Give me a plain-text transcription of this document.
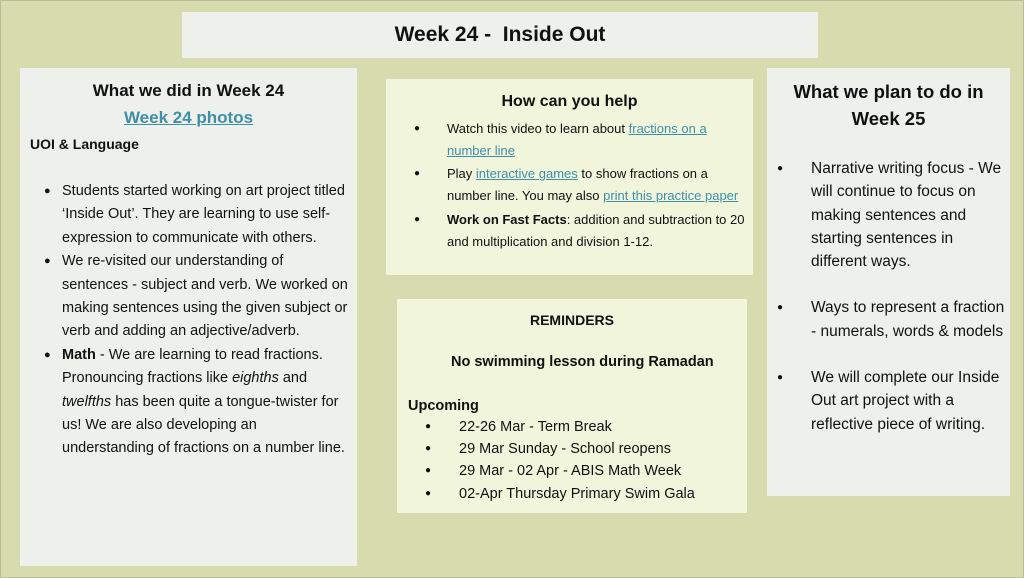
Week 24 -  Inside Out
What we did in Week 24
Week 24 photos
UOI & Language
● Students started working on art project titled ‘Inside Out’. They are learning to use self-expression to communicate with others.
● We re-visited our understanding of sentences - subject and verb. We worked on making sentences using the given subject or verb and adding an adjective/adverb.
● Math - We are learning to read fractions. Pronouncing fractions like eighths and twelfths has been quite a tongue-twister for us! We are also developing an understanding of fractions on a number line.
How can you help
● Watch this video to learn about fractions on a number line
● Play interactive games to show fractions on a number line. You may also print this practice paper
● Work on Fast Facts: addition and subtraction to 20 and multiplication and division 1-12.
REMINDERS
No swimming lesson during Ramadan
Upcoming
● 22-26 Mar - Term Break
● 29 Mar Sunday - School reopens
● 29 Mar - 02 Apr - ABIS Math Week
● 02-Apr Thursday Primary Swim Gala
What we plan to do in Week 25
● Narrative writing focus - We will continue to focus on making sentences and starting sentences in different ways.
● Ways to represent a fraction - numerals, words & models
● We will complete our Inside Out art project with a reflective piece of writing.
